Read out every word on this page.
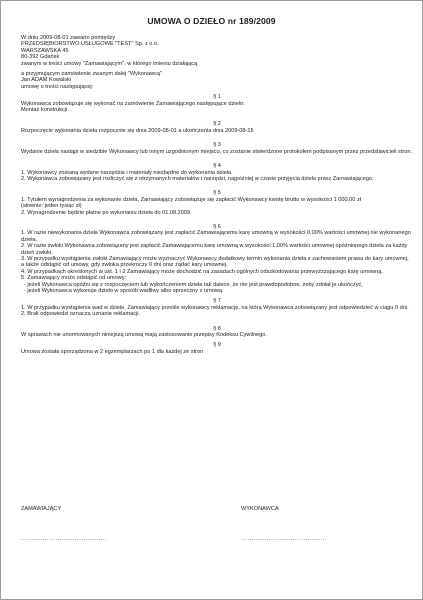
UMOWA O DZIEŁO nr 189/2009
W dniu 2009-08-01 zawarto pomiędzy
PRZEDSIĘBIORSTWO USŁUGOWE "TEST" Sp. z o.o.
WARSZAWSKA 45
80-392 Gdańsk
zwanym w treści umowy "Zamawiającym", w którego imieniu działającą
a przyjmującym zamówienie zwanym dalej "Wykonawcą"
Jan ADAM Kowalski
umowę o treści następującej:
§ 1
Wykonawca zobowiązuje się wykonać na zamówienie Zamawiającego następujące dzieło:
Montaż konstrukcji.
§ 2
Rozpoczęcie wykonania dzieła rozpocznie się dnia 2009-08-01 a ukończenia dnia 2009-08-15
§ 3
Wydanie dzieła nastąpi w siedzibie Wykonawcy lub innym uzgodnionym miejscu, co zostanie stwierdzone protokołem podpisanym przez przedstawicieli stron.
§ 4
1. Wykonawcy zostaną wydane narzędzia i materiały niezbędne do wykonania dzieła.
2. Wykonawca zobowiązany jest rozliczyć się z otrzymanych materiałów i narzędzi, najpóźniej w czasie przyjęcia dzieła przez Zamawiającego.
§ 5
1. Tytułem wynagrodzenia za wykonanie dzieła, Zamawiający zobowiązuje się zapłacić Wykonawcy kwotę brutto w wysokości 1 000,00 zł
(słownie: jeden tysiąc zł)
2. Wynagrodzenie będzie płatne po wykonaniu dzieła do 01.08.2009.
§ 6
1. W razie niewykonania dzieła Wykonawca zobowiązany jest zapłacić Zamawiającemu karę umowną w wysokości 0,00% wartości umownej nie wykonanego dzieła.
2. W razie zwłoki Wykonawca zobowiązany jest zapłacić Zamawiającemu karę umowną w wysokości 1,00% wartości umownej opóźnionego dzieła za każdy dzień zwłoki.
3. W przypadku wystąpienia zwłoki Zamawiający może wyznaczyć Wykonawcy dodatkowy termin wykonania dzieła z zachowaniem prawa do kary umownej, a także odstąpić od umowy, gdy zwłoka przekroczy 0 dni oraz żądać kary umownej.
4. W przypadkach określonych w ust. 1 i 2 Zamawiający może dochodzić na zasadach ogólnych odszkodowania przewyższającego karę umowną.
5. Zamawiający może odstąpić od umowy:
- jeżeli Wykonawca opóźni się z rozpoczęciem lub wykończeniem dzieła tak dalece, że nie jest prawdopodobne, żeby zdołał je ukończyć,
- jeżeli Wykonawca wykonuje dzieło w sposób wadliwy albo sprzeczny z umową
§ 7
1. W przypadku wystąpienia wad w dziele, Zamawiający prześle wykonawcy reklamację, na którą Wykonawca zobowiązany jest odpowiedzieć w ciągu 0 dni.
2. Brak odpowiedzi oznacza uznanie reklamacji.
§ 8
W sprawach nie unormowanych niniejszą umową mają zastosowanie przepisy Kodeksu Cywilnego.
§ 9
Umowa została sporządzona w 2 egzemplarzach po 1 dla każdej ze stron
ZAMAWIAJĄCY	WYKONAWCA
........................................	........................................
